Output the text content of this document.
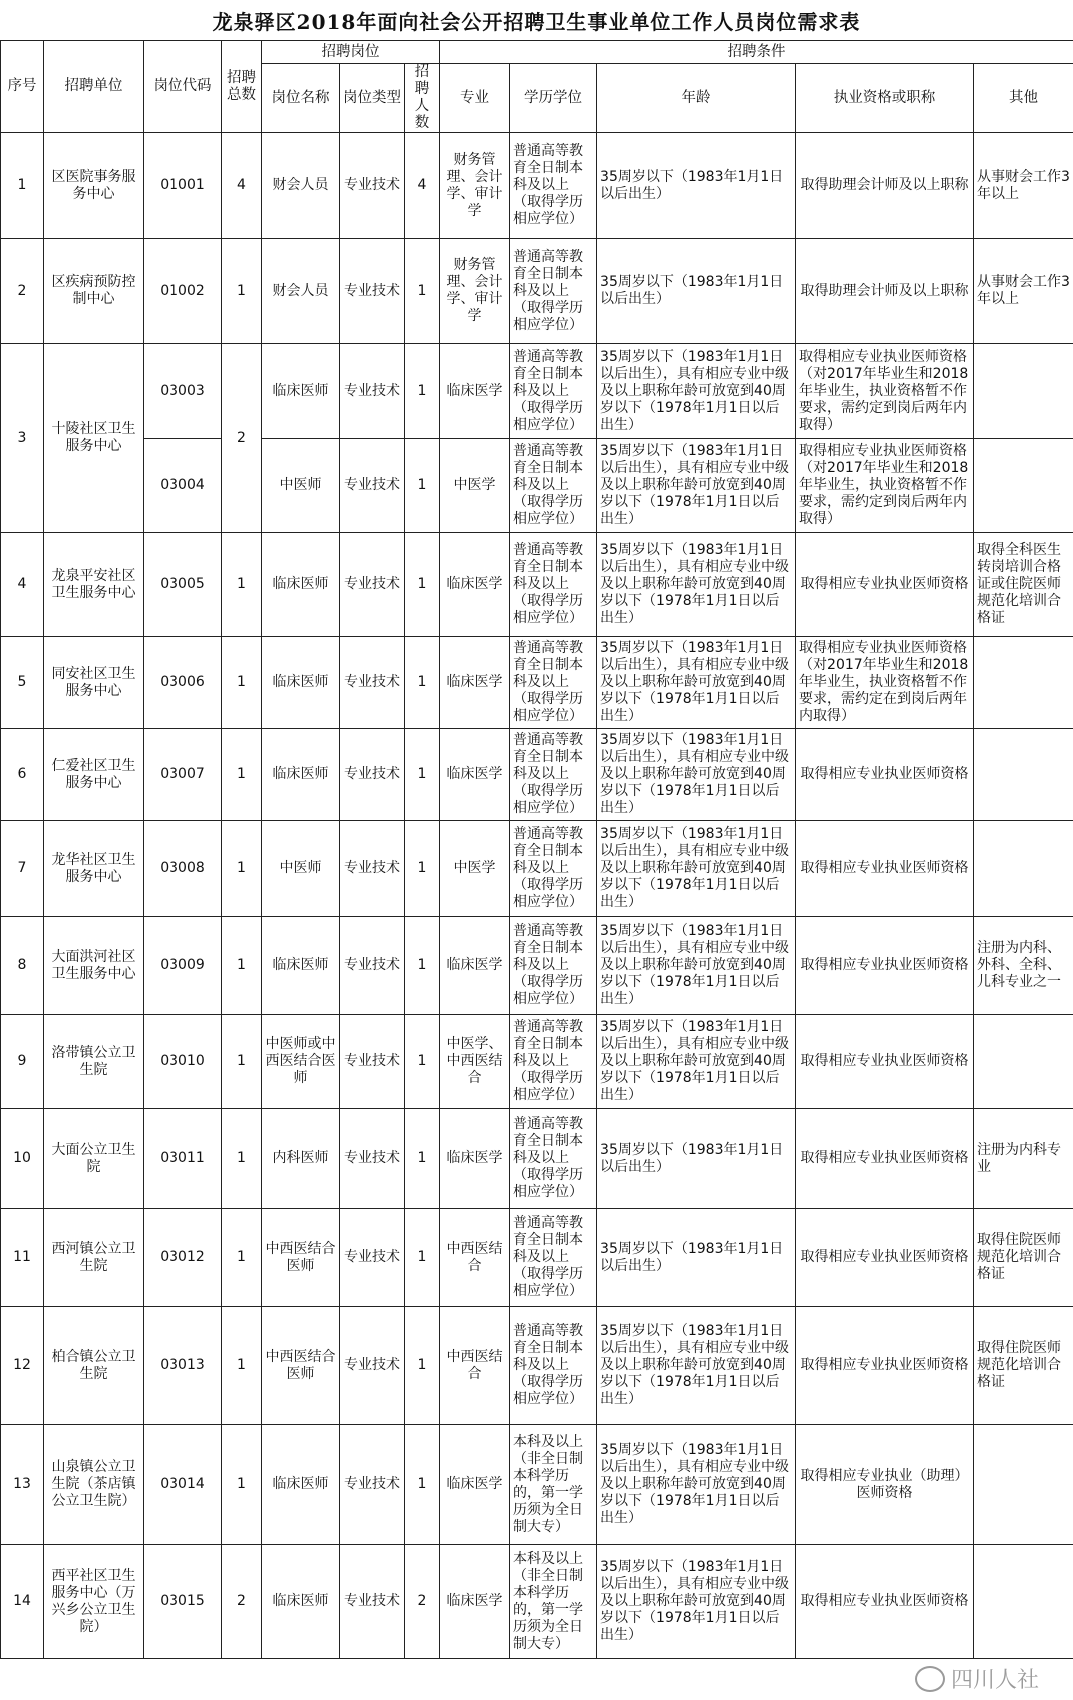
龙泉驿区2018年面向社会公开招聘卫生事业单位工作人员岗位需求表
序号	招聘单位	岗位代码	招聘总数	招聘岗位			招聘条件				
				岗位名称	岗位类型	招聘人数	专业	学历学位	年龄	执业资格或职称	其他
1	区医院事务服务中心	01001	4	财会人员	专业技术	4	财务管理、会计学、审计学	普通高等教育全日制本科及以上（取得学历相应学位）	35周岁以下（1983年1月1日以后出生）	取得助理会计师及以上职称	从事财会工作3年以上
2	区疾病预防控制中心	01002	1	财会人员	专业技术	1	财务管理、会计学、审计学	普通高等教育全日制本科及以上（取得学历相应学位）	35周岁以下（1983年1月1日以后出生）	取得助理会计师及以上职称	从事财会工作3年以上
3	十陵社区卫生服务中心	03003	2	临床医师	专业技术	1	临床医学	普通高等教育全日制本科及以上（取得学历相应学位）	35周岁以下（1983年1月1日以后出生），具有相应专业中级及以上职称年龄可放宽到40周岁以下（1978年1月1日以后出生）	取得相应专业执业医师资格（对2017年毕业生和2018年毕业生，执业资格暂不作要求，需约定到岗后两年内取得）	
		03004		中医师	专业技术	1	中医学	普通高等教育全日制本科及以上（取得学历相应学位）	35周岁以下（1983年1月1日以后出生），具有相应专业中级及以上职称年龄可放宽到40周岁以下（1978年1月1日以后出生）	取得相应专业执业医师资格（对2017年毕业生和2018年毕业生，执业资格暂不作要求，需约定到岗后两年内取得）	
4	龙泉平安社区卫生服务中心	03005	1	临床医师	专业技术	1	临床医学	普通高等教育全日制本科及以上（取得学历相应学位）	35周岁以下（1983年1月1日以后出生），具有相应专业中级及以上职称年龄可放宽到40周岁以下（1978年1月1日以后出生）	取得相应专业执业医师资格	取得全科医生转岗培训合格证或住院医师规范化培训合格证
5	同安社区卫生服务中心	03006	1	临床医师	专业技术	1	临床医学	普通高等教育全日制本科及以上（取得学历相应学位）	35周岁以下（1983年1月1日以后出生），具有相应专业中级及以上职称年龄可放宽到40周岁以下（1978年1月1日以后出生）	取得相应专业执业医师资格（对2017年毕业生和2018年毕业生，执业资格暂不作要求，需约定在到岗后两年内取得）	
6	仁爱社区卫生服务中心	03007	1	临床医师	专业技术	1	临床医学	普通高等教育全日制本科及以上（取得学历相应学位）	35周岁以下（1983年1月1日以后出生），具有相应专业中级及以上职称年龄可放宽到40周岁以下（1978年1月1日以后出生）	取得相应专业执业医师资格	
7	龙华社区卫生服务中心	03008	1	中医师	专业技术	1	中医学	普通高等教育全日制本科及以上（取得学历相应学位）	35周岁以下（1983年1月1日以后出生），具有相应专业中级及以上职称年龄可放宽到40周岁以下（1978年1月1日以后出生）	取得相应专业执业医师资格	
8	大面洪河社区卫生服务中心	03009	1	临床医师	专业技术	1	临床医学	普通高等教育全日制本科及以上（取得学历相应学位）	35周岁以下（1983年1月1日以后出生），具有相应专业中级及以上职称年龄可放宽到40周岁以下（1978年1月1日以后出生）	取得相应专业执业医师资格	注册为内科、外科、全科、儿科专业之一
9	洛带镇公立卫生院	03010	1	中医师或中西医结合医师	专业技术	1	中医学、中西医结合	普通高等教育全日制本科及以上（取得学历相应学位）	35周岁以下（1983年1月1日以后出生），具有相应专业中级及以上职称年龄可放宽到40周岁以下（1978年1月1日以后出生）	取得相应专业执业医师资格	
10	大面公立卫生院	03011	1	内科医师	专业技术	1	临床医学	普通高等教育全日制本科及以上（取得学历相应学位）	35周岁以下（1983年1月1日以后出生）	取得相应专业执业医师资格	注册为内科专业
11	西河镇公立卫生院	03012	1	中西医结合医师	专业技术	1	中西医结合	普通高等教育全日制本科及以上（取得学历相应学位）	35周岁以下（1983年1月1日以后出生）	取得相应专业执业医师资格	取得住院医师规范化培训合格证
12	柏合镇公立卫生院	03013	1	中西医结合医师	专业技术	1	中西医结合	普通高等教育全日制本科及以上（取得学历相应学位）	35周岁以下（1983年1月1日以后出生），具有相应专业中级及以上职称年龄可放宽到40周岁以下（1978年1月1日以后出生）	取得相应专业执业医师资格	取得住院医师规范化培训合格证
13	山泉镇公立卫生院（茶店镇公立卫生院）	03014	1	临床医师	专业技术	1	临床医学	本科及以上（非全日制本科学历的，第一学历须为全日制大专）	35周岁以下（1983年1月1日以后出生），具有相应专业中级及以上职称年龄可放宽到40周岁以下（1978年1月1日以后出生）	取得相应专业执业（助理）医师资格	
14	西平社区卫生服务中心（万兴乡公立卫生院）	03015	2	临床医师	专业技术	2	临床医学	本科及以上（非全日制本科学历的，第一学历须为全日制大专）	35周岁以下（1983年1月1日以后出生），具有相应专业中级及以上职称年龄可放宽到40周岁以下（1978年1月1日以后出生）	取得相应专业执业医师资格	
四川人社
